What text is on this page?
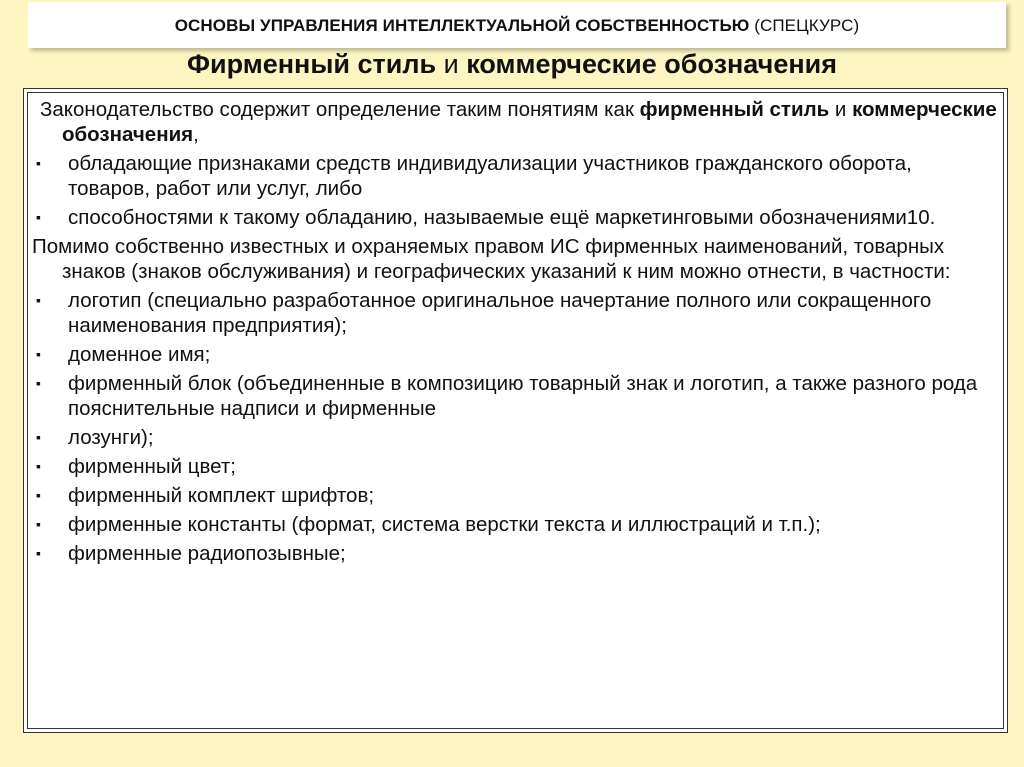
ОСНОВЫ УПРАВЛЕНИЯ ИНТЕЛЛЕКТУАЛЬНОЙ СОБСТВЕННОСТЬЮ (СПЕЦКУРС)
Фирменный стиль и коммерческие обозначения

Законодательство содержит определение таким понятиям как фирменный стиль и коммерческие обозначения,

▪ обладающие признаками средств индивидуализации участников гражданского оборота, товаров, работ или услуг, либо
▪ способностями к такому обладанию, называемые ещё маркетинговыми обозначениями10.

Помимо собственно известных и охраняемых правом ИС фирменных наименований, товарных знаков (знаков обслуживания) и географических указаний к ним можно отнести, в частности:

▪ логотип (специально разработанное оригинальное начертание полного или сокращенного наименования предприятия);
▪ доменное имя;
▪ фирменный блок (объединенные в композицию товарный знак и логотип, а также разного рода пояснительные надписи и фирменные
▪ лозунги);
▪ фирменный цвет;
▪ фирменный комплект шрифтов;
▪ фирменные константы (формат, система верстки текста и иллюстраций и т.п.);
▪ фирменные радиопозывные;
